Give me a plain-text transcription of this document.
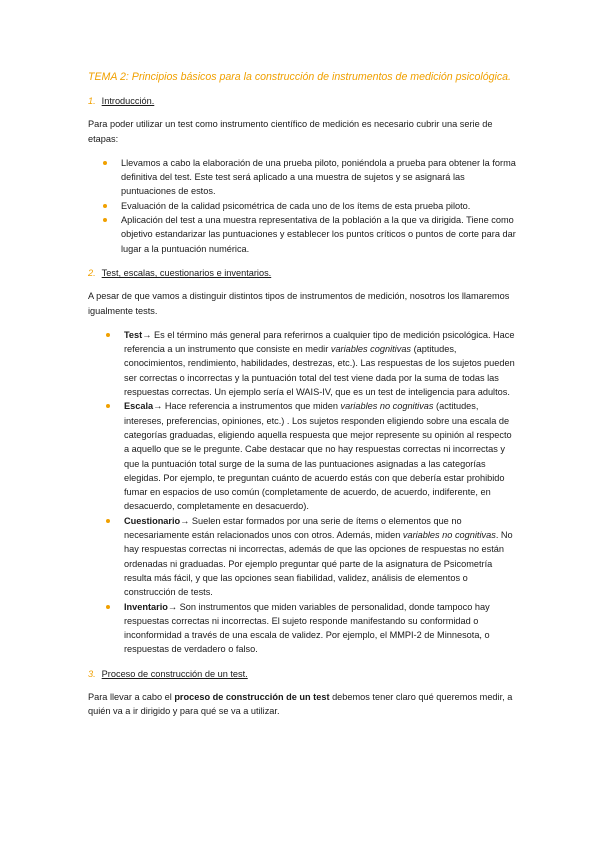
TEMA 2: Principios básicos para la construcción de instrumentos de medición psicológica.
1. Introducción.

Para poder utilizar un test como instrumento científico de medición es necesario cubrir una serie de etapas:

Llevamos a cabo la elaboración de una prueba piloto, poniéndola a prueba para obtener la forma definitiva del test. Este test será aplicado a una muestra de sujetos y se asignará las puntuaciones de estos.
Evaluación de la calidad psicométrica de cada uno de los ítems de esta prueba piloto.
Aplicación del test a una muestra representativa de la población a la que va dirigida. Tiene como objetivo estandarizar las puntuaciones y establecer los puntos críticos o puntos de corte para dar lugar a la puntuación numérica.
2. Test, escalas, cuestionarios e inventarios.

A pesar de que vamos a distinguir distintos tipos de instrumentos de medición, nosotros los llamaremos igualmente tests.

Test→ Es el término más general para referirnos a cualquier tipo de medición psicológica. Hace referencia a un instrumento que consiste en medir variables cognitivas (aptitudes, conocimientos, rendimiento, habilidades, destrezas, etc.). Las respuestas de los sujetos pueden ser correctas o incorrectas y la puntuación total del test viene dada por la suma de todas las respuestas correctas. Un ejemplo sería el WAIS-IV, que es un test de inteligencia para adultos.
Escala→ Hace referencia a instrumentos que miden variables no cognitivas (actitudes, intereses, preferencias, opiniones, etc.) . Los sujetos responden eligiendo sobre una escala de categorías graduadas, eligiendo aquella respuesta que mejor represente su opinión al respecto a aquello que se le pregunte. Cabe destacar que no hay respuestas correctas ni incorrectas y que la puntuación total surge de la suma de las puntuaciones asignadas a las categorías elegidas. Por ejemplo, te preguntan cuánto de acuerdo estás con que debería estar prohibido fumar en espacios de uso común (completamente de acuerdo, de acuerdo, indiferente, en desacuerdo, completamente en desacuerdo).
Cuestionario→ Suelen estar formados por una serie de ítems o elementos que no necesariamente están relacionados unos con otros. Además, miden variables no cognitivas. No hay respuestas correctas ni incorrectas, además de que las opciones de respuestas no están ordenadas ni graduadas. Por ejemplo preguntar qué parte de la asignatura de Psicometría resulta más fácil, y que las opciones sean fiabilidad, validez, análisis de elementos o construcción de tests.
Inventario→ Son instrumentos que miden variables de personalidad, donde tampoco hay respuestas correctas ni incorrectas. El sujeto responde manifestando su conformidad o inconformidad a través de una escala de validez. Por ejemplo, el MMPI-2 de Minnesota, o respuestas de verdadero o falso.
3. Proceso de construcción de un test.

Para llevar a cabo el proceso de construcción de un test debemos tener claro qué queremos medir, a quién va a ir dirigido y para qué se va a utilizar.
